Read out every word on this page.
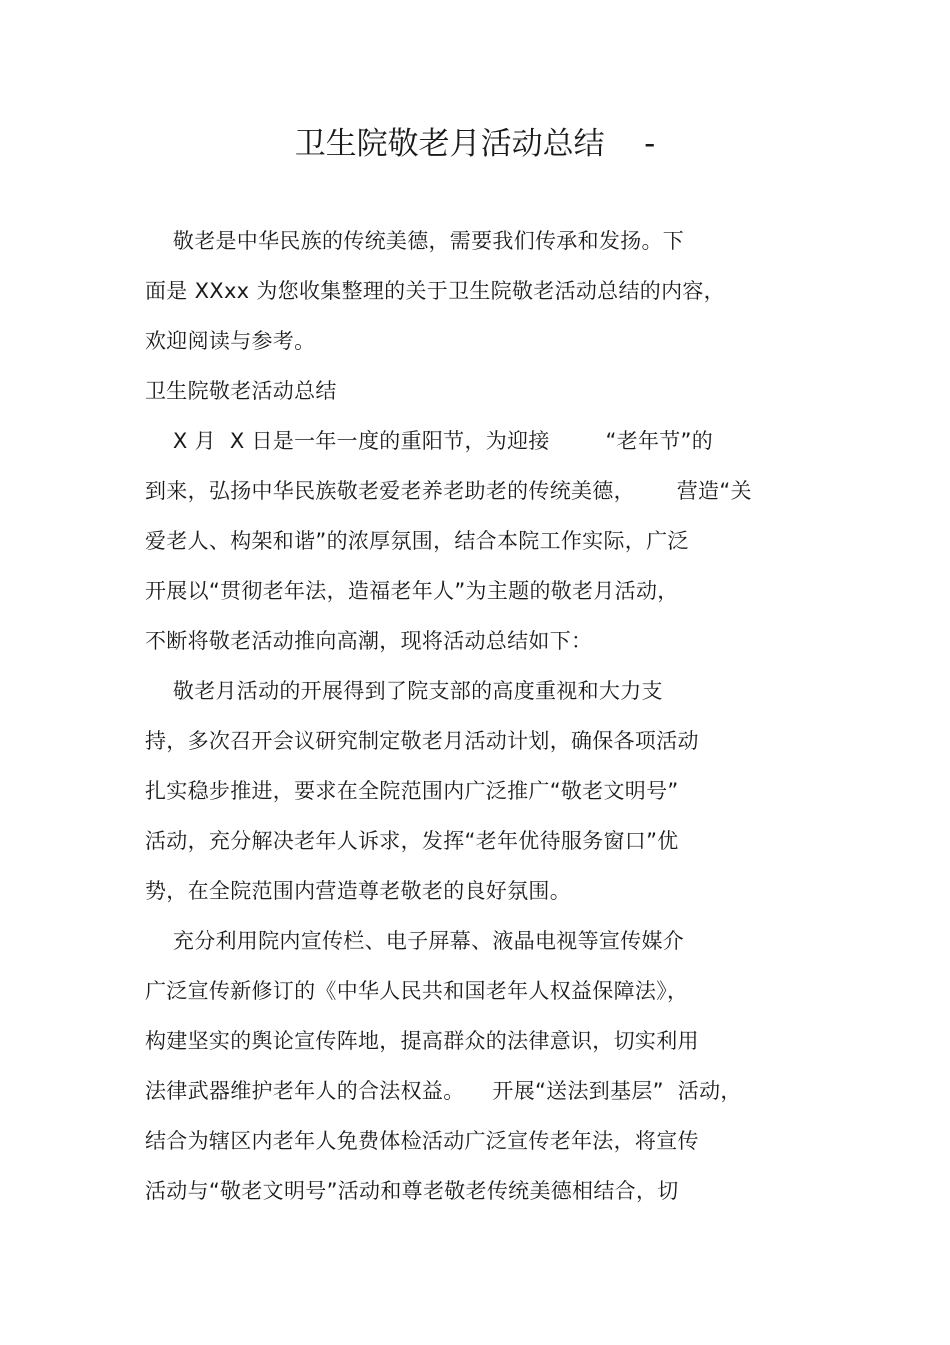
卫生院敬老月活动总结    -
敬老是中华民族的传统美德，需要我们传承和发扬。下
面是 XXxx 为您收集整理的关于卫生院敬老活动总结的内容，
欢迎阅读与参考。
卫生院敬老活动总结
X 月  X 日是一年一度的重阳节，为迎接        “老年节”的
到来，弘扬中华民族敬老爱老养老助老的传统美德，      营造“关
爱老人、构架和谐”的浓厚氛围，结合本院工作实际，广泛
开展以“贯彻老年法，造福老年人”为主题的敬老月活动，
不断将敬老活动推向高潮，现将活动总结如下：
敬老月活动的开展得到了院支部的高度重视和大力支
持，多次召开会议研究制定敬老月活动计划，确保各项活动
扎实稳步推进，要求在全院范围内广泛推广“敬老文明号”
活动，充分解决老年人诉求，发挥“老年优待服务窗口”优
势，在全院范围内营造尊老敬老的良好氛围。
充分利用院内宣传栏、电子屏幕、液晶电视等宣传媒介
广泛宣传新修订的《中华人民共和国老年人权益保障法》，
构建坚实的舆论宣传阵地，提高群众的法律意识，切实利用
法律武器维护老年人的合法权益。    开展“送法到基层”  活动，
结合为辖区内老年人免费体检活动广泛宣传老年法，将宣传
活动与“敬老文明号”活动和尊老敬老传统美德相结合，切
